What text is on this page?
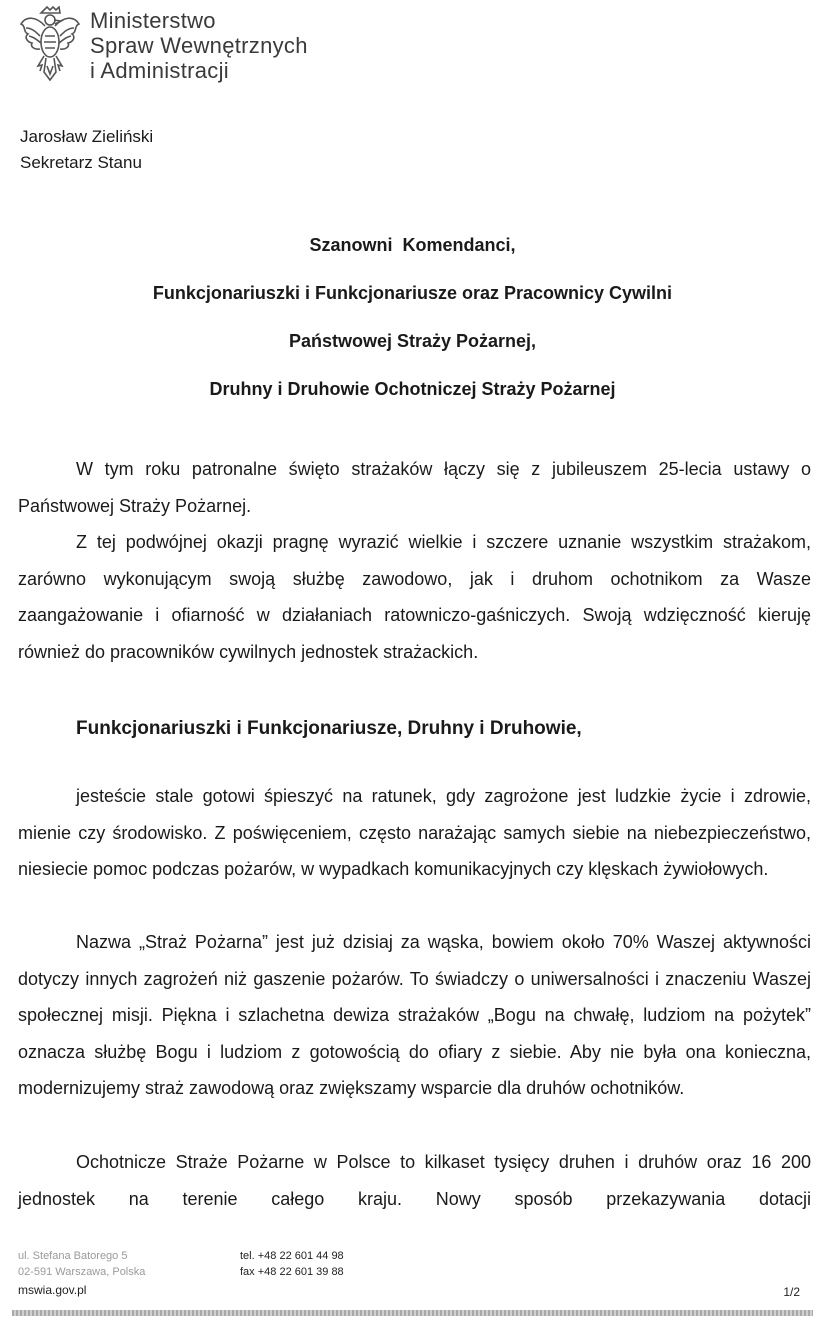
Ministerstwo
Spraw Wewnętrznych
i Administracji
Jarosław Zieliński
Sekretarz Stanu
Szanowni  Komendanci,
Funkcjonariuszki i Funkcjonariusze oraz Pracownicy Cywilni
Państwowej Straży Pożarnej,
Druhny i Druhowie Ochotniczej Straży Pożarnej

W tym roku patronalne święto strażaków łączy się z jubileuszem 25-lecia ustawy o Państwowej Straży Pożarnej.

Z tej podwójnej okazji pragnę wyrazić wielkie i szczere uznanie wszystkim strażakom, zarówno wykonującym swoją służbę zawodowo, jak i druhom ochotnikom za Wasze zaangażowanie i ofiarność w działaniach ratowniczo-gaśniczych. Swoją wdzięczność kieruję również do pracowników cywilnych jednostek strażackich.

Funkcjonariuszki i Funkcjonariusze, Druhny i Druhowie,

jesteście stale gotowi śpieszyć na ratunek, gdy zagrożone jest ludzkie życie i zdrowie, mienie czy środowisko. Z poświęceniem, często narażając samych siebie na niebezpieczeństwo, niesiecie pomoc podczas pożarów, w wypadkach komunikacyjnych czy klęskach żywiołowych.

Nazwa „Straż Pożarna” jest już dzisiaj za wąska, bowiem około 70% Waszej aktywności dotyczy innych zagrożeń niż gaszenie pożarów. To świadczy o uniwersalności i znaczeniu Waszej społecznej misji. Piękna i szlachetna dewiza strażaków „Bogu na chwałę, ludziom na pożytek” oznacza służbę Bogu i ludziom z gotowością do ofiary z siebie. Aby nie była ona konieczna, modernizujemy straż zawodową oraz zwiększamy wsparcie dla druhów ochotników.

Ochotnicze Straże Pożarne w Polsce to kilkaset tysięcy druhen i druhów oraz 16 200 jednostek na terenie całego kraju. Nowy sposób przekazywania dotacji

ul. Stefana Batorego 5
02-591 Warszawa, Polska
tel. +48 22 601 44 98
fax +48 22 601 39 88
mswia.gov.pl	1/2
